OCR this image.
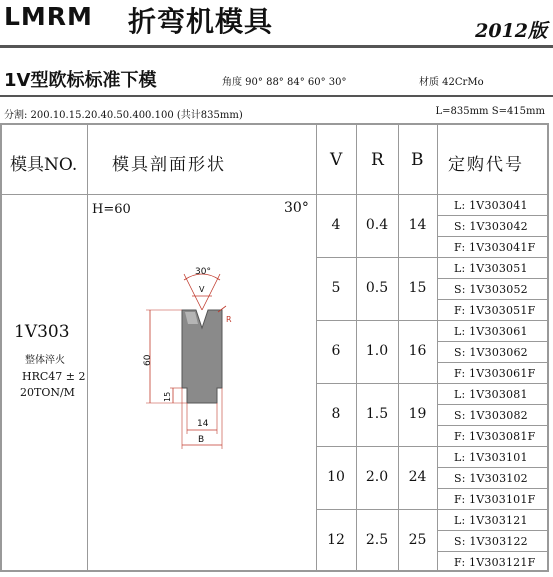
LMRM 折弯机模具	2012版
1V型欧标标准下模	角度 90° 88° 84° 60° 30°	材质 42CrMo
分割: 200.10.15.20.40.50.400.100 (共计835mm)	L=835mm S=415mm
模具NO. 模具剖面形状	V R B 定购代号
1V303
整体淬火
HRC47 ± 2
20TON/M
H=60	30°
30°
V
R
60
15
14
B
4	0.4	14
L: 1V303041
S: 1V303042
F: 1V303041F
5	0.5	15
L: 1V303051
S: 1V303052
F: 1V303051F
6	1.0	16
L: 1V303061
S: 1V303062
F: 1V303061F
8	1.5	19
L: 1V303081
S: 1V303082
F: 1V303081F
10	2.0	24
L: 1V303101
S: 1V303102
F: 1V303101F
12	2.5	25
L: 1V303121
S: 1V303122
F: 1V303121F
